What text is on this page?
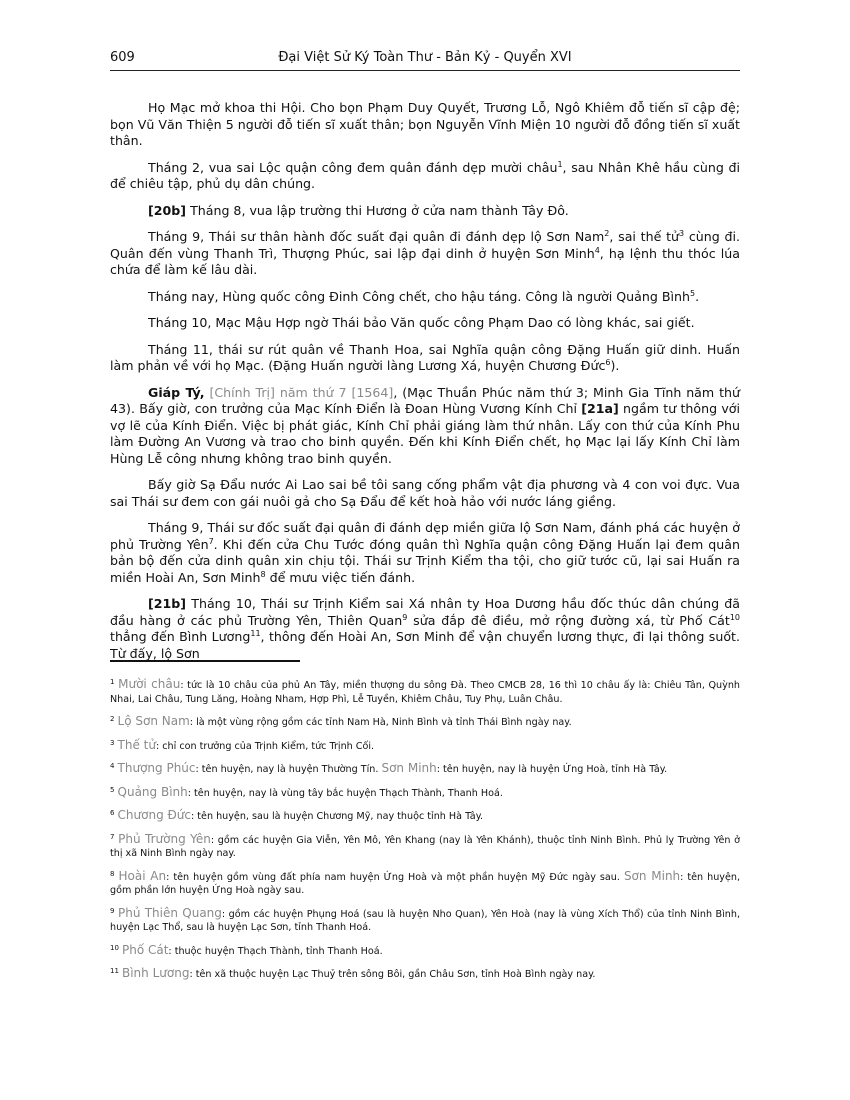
609	Đại Việt Sử Ký Toàn Thư - Bản Kỷ - Quyển XVI

Họ Mạc mở khoa thi Hội. Cho bọn Phạm Duy Quyết, Trương Lỗ, Ngô Khiêm đỗ tiến sĩ cập đệ; bọn Vũ Văn Thiện 5 người đỗ tiến sĩ xuất thân; bọn Nguyễn Vĩnh Miện 10 người đỗ đồng tiến sĩ xuất thân.

Tháng 2, vua sai Lộc quận công đem quân đánh dẹp mười châu$^1$, sau Nhân Khê hầu cùng đi để chiêu tập, phủ dụ dân chúng.

[20b] Tháng 8, vua lập trường thi Hương ở cửa nam thành Tây Đô.

Tháng 9, Thái sư thân hành đốc suất đại quân đi đánh dẹp lộ Sơn Nam$^2$, sai thế tử$^3$ cùng đi. Quân đến vùng Thanh Trì, Thượng Phúc, sai lập đại dinh ở huyện Sơn Minh$^4$, hạ lệnh thu thóc lúa chứa để làm kế lâu dài.

Tháng nay, Hùng quốc công Đinh Công chết, cho hậu táng. Công là người Quảng Bình$^5$.

Tháng 10, Mạc Mậu Hợp ngờ Thái bảo Văn quốc công Phạm Dao có lòng khác, sai giết.

Tháng 11, thái sư rút quân về Thanh Hoa, sai Nghĩa quận công Đặng Huấn giữ dinh. Huấn làm phản về với họ Mạc. (Đặng Huấn người làng Lương Xá, huyện Chương Đức$^6$).

Giáp Tý, [Chính Trị] năm thứ 7 [1564], (Mạc Thuần Phúc năm thứ 3; Minh Gia Tĩnh năm thứ 43). Bấy giờ, con trưởng của Mạc Kính Điển là Đoan Hùng Vương Kính Chỉ [21a] ngầm tư thông với vợ lẽ của Kính Điển. Việc bị phát giác, Kính Chỉ phải giáng làm thứ nhân. Lấy con thứ của Kính Phu làm Đường An Vương và trao cho binh quyền. Đến khi Kính Điển chết, họ Mạc lại lấy Kính Chỉ làm Hùng Lễ công nhưng không trao binh quyền.

Bấy giờ Sạ Đẩu nước Ai Lao sai bề tôi sang cống phẩm vật địa phương và 4 con voi đực. Vua sai Thái sư đem con gái nuôi gả cho Sạ Đẩu để kết hoà hảo với nước láng giềng.

Tháng 9, Thái sư đốc suất đại quân đi đánh dẹp miền giữa lộ Sơn Nam, đánh phá các huyện ở phủ Trường Yên$^7$. Khi đến cửa Chu Tước đóng quân thì Nghĩa quận công Đặng Huấn lại đem quân bản bộ đến cửa dinh quân xin chịu tội. Thái sư Trịnh Kiểm tha tội, cho giữ tước cũ, lại sai Huấn ra miền Hoài An, Sơn Minh$^8$ để mưu việc tiến đánh.

[21b] Tháng 10, Thái sư Trịnh Kiểm sai Xá nhân ty Hoa Dương hầu đốc thúc dân chúng đã đầu hàng ở các phủ Trường Yên, Thiên Quan$^9$ sửa đắp đê điều, mở rộng đường xá, từ Phố Cát$^{10}$ thẳng đến Bình Lương$^{11}$, thông đến Hoài An, Sơn Minh để vận chuyển lương thực, đi lại thông suốt. Từ đấy, lộ Sơn

$^1$ Mười châu: tức là 10 châu của phủ An Tây, miền thượng du sông Đà. Theo CMCB 28, 16 thì 10 châu ấy là: Chiêu Tân, Quỳnh Nhai, Lai Châu, Tung Lăng, Hoàng Nham, Hợp Phì, Lễ Tuyền, Khiêm Châu, Tuy Phụ, Luân Châu.
$^2$ Lộ Sơn Nam: là một vùng rộng gồm các tỉnh Nam Hà, Ninh Bình và tỉnh Thái Bình ngày nay.
$^3$ Thế tử: chỉ con trưởng của Trịnh Kiểm, tức Trịnh Cối.
$^4$ Thượng Phúc: tên huyện, nay là huyện Thường Tín. Sơn Minh: tên huyện, nay là huyện Ứng Hoà, tỉnh Hà Tây.
$^5$ Quảng Bình: tên huyện, nay là vùng tây bắc huyện Thạch Thành, Thanh Hoá.
$^6$ Chương Đức: tên huyện, sau là huyện Chương Mỹ, nay thuộc tỉnh Hà Tây.
$^7$ Phủ Trường Yên: gồm các huyện Gia Viễn, Yên Mô, Yên Khang (nay là Yên Khánh), thuộc tỉnh Ninh Bình. Phủ lỵ Trường Yên ở thị xã Ninh Bình ngày nay.
$^8$ Hoài An: tên huyện gồm vùng đất phía nam huyện Ứng Hoà và một phần huyện Mỹ Đức ngày sau. Sơn Minh: tên huyện, gồm phần lớn huyện Ứng Hoà ngày sau.
$^9$ Phủ Thiên Quang: gồm các huyện Phụng Hoá (sau là huyện Nho Quan), Yên Hoà (nay là vùng Xích Thổ) của tỉnh Ninh Bình, huyện Lạc Thổ, sau là huyện Lạc Sơn, tỉnh Thanh Hoá.
$^{10}$ Phố Cát: thuộc huyện Thạch Thành, tỉnh Thanh Hoá.
$^{11}$ Bình Lương: tên xã thuộc huyện Lạc Thuỷ trên sông Bôi, gần Châu Sơn, tỉnh Hoà Bình ngày nay.
